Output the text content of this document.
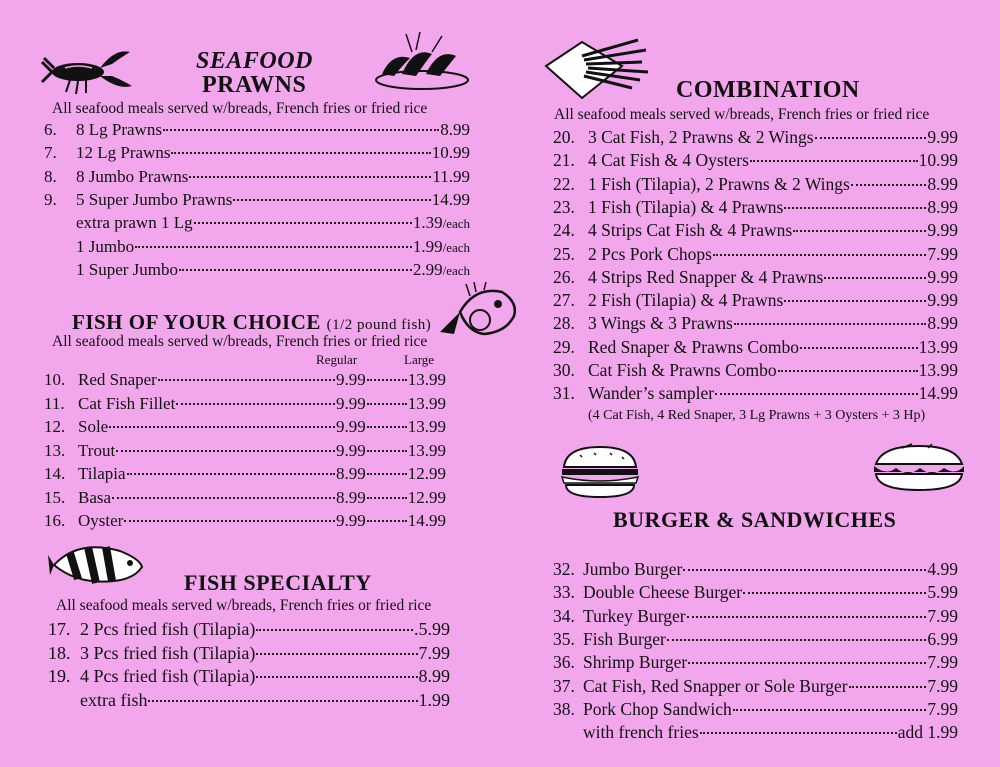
SEAFOOD
PRAWNS
All seafood meals served w/breads, French fries or fried rice
6.	8 Lg Prawns	8.99
7.	12 Lg Prawns	10.99
8.	8 Jumbo Prawns	11.99
9.	5 Super Jumbo Prawns	14.99
extra prawn 1 Lg	1.39/each
1 Jumbo	1.99/each
1 Super Jumbo	2.99/each
FISH OF YOUR CHOICE (1/2 pound fish)
All seafood meals served w/breads, French fries or fried rice
Regular	Large
10. Red Snaper	9.99 13.99
11. Cat Fish Fillet	9.99 13.99
12. Sole	9.99 13.99
13. Trout	9.99 13.99
14. Tilapia	8.99 12.99
15. Basa	8.99 12.99
16. Oyster	9.99 14.99
FISH SPECIALTY
All seafood meals served w/breads, French fries or fried rice
17. 2 Pcs fried fish (Tilapia)	.5.99
18. 3 Pcs fried fish (Tilapia)	7.99
19. 4 Pcs fried fish (Tilapia)	8.99
extra fish	1.99
COMBINATION
All seafood meals served w/breads, French fries or fried rice
20. 3 Cat Fish, 2 Prawns & 2 Wings	9.99
21. 4 Cat Fish & 4 Oysters	10.99
22. 1 Fish (Tilapia), 2 Prawns & 2 Wings	8.99
23. 1 Fish (Tilapia) & 4 Prawns	8.99
24. 4 Strips Cat Fish & 4 Prawns	9.99
25. 2 Pcs Pork Chops	7.99
26. 4 Strips Red Snapper & 4 Prawns	9.99
27. 2 Fish (Tilapia) & 4 Prawns	9.99
28. 3 Wings & 3 Prawns	8.99
29. Red Snaper & Prawns Combo	13.99
30. Cat Fish & Prawns Combo	13.99
31. Wander’s sampler	14.99
(4 Cat Fish, 4 Red Snaper, 3 Lg Prawns + 3 Oysters + 3 Hp)
BURGER & SANDWICHES
32. Jumbo Burger	4.99
33. Double Cheese Burger	5.99
34. Turkey Burger	7.99
35. Fish Burger	6.99
36. Shrimp Burger	7.99
37. Cat Fish, Red Snapper or Sole Burger	7.99
38. Pork Chop Sandwich	7.99
with french fries	add 1.99
